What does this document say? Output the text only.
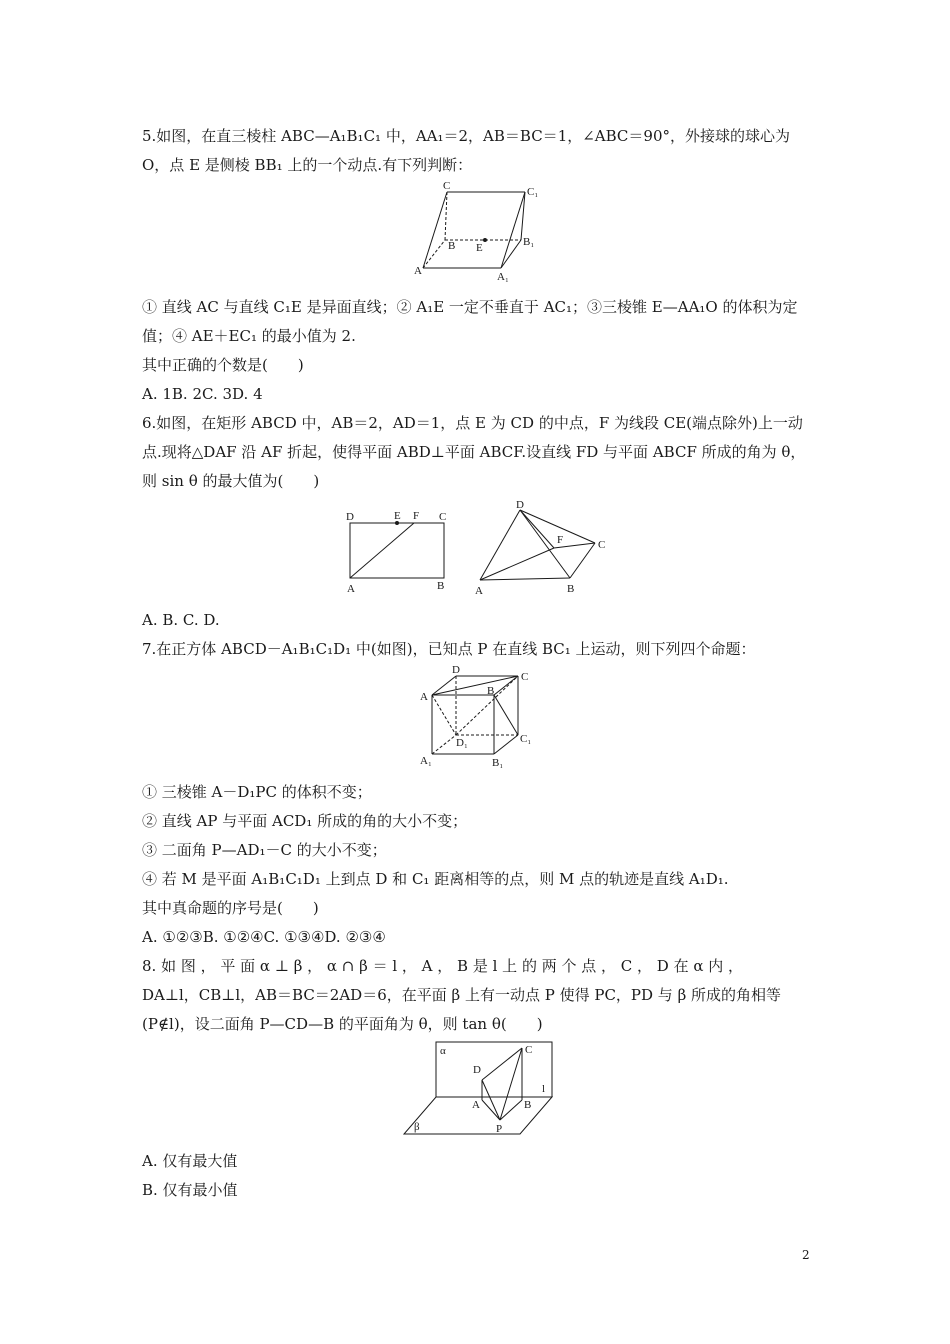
5.如图，在直三棱柱 ABC—A₁B₁C₁ 中，AA₁＝2，AB＝BC＝1，∠ABC＝90°，外接球的球心为
O，点 E 是侧棱 BB₁ 上的一个动点.有下列判断：
C	C₁
B E	B₁
A	A₁
① 直线 AC 与直线 C₁E 是异面直线；② A₁E 一定不垂直于 AC₁；③三棱锥 E—AA₁O 的体积为定
值；④ AE＋EC₁ 的最小值为 2.
其中正确的个数是(　　)
A. 1B. 2C. 3D. 4
6.如图，在矩形 ABCD 中，AB＝2，AD＝1，点 E 为 CD 的中点，F 为线段 CE(端点除外)上一动
点.现将△DAF 沿 AF 折起，使得平面 ABD⊥平面 ABCF.设直线 FD 与平面 ABCF 所成的角为 θ，
则 sin θ 的最大值为(　　)
D	E F C
A	B
D
F	C
A	B
A. B. C. D.
7.在正方体 ABCD－A₁B₁C₁D₁ 中(如图)，已知点 P 在直线 BC₁ 上运动，则下列四个命题：
D
A	B
C
D₁	C₁
A₁	B₁
① 三棱锥 A－D₁PC 的体积不变；
② 直线 AP 与平面 ACD₁ 所成的角的大小不变；
③ 二面角 P—AD₁－C 的大小不变；
④ 若 M 是平面 A₁B₁C₁D₁ 上到点 D 和 C₁ 距离相等的点，则 M 点的轨迹是直线 A₁D₁.
其中真命题的序号是(　　)
A. ①②③B. ①②④C. ①③④D. ②③④
8. 如 图 ， 平 面 α ⊥ β ， α ∩ β ＝ l ， A ， B 是 l 上 的 两 个 点 ， C ， D 在 α 内 ，
DA⊥l，CB⊥l，AB＝BC＝2AD＝6，在平面 β 上有一动点 P 使得 PC，PD 与 β 所成的角相等
(P∉l)，设二面角 P—CD—B 的平面角为 θ，则 tan θ(　　)
α	C
D
l
A	B
P
β
A. 仅有最大值
B. 仅有最小值
2
